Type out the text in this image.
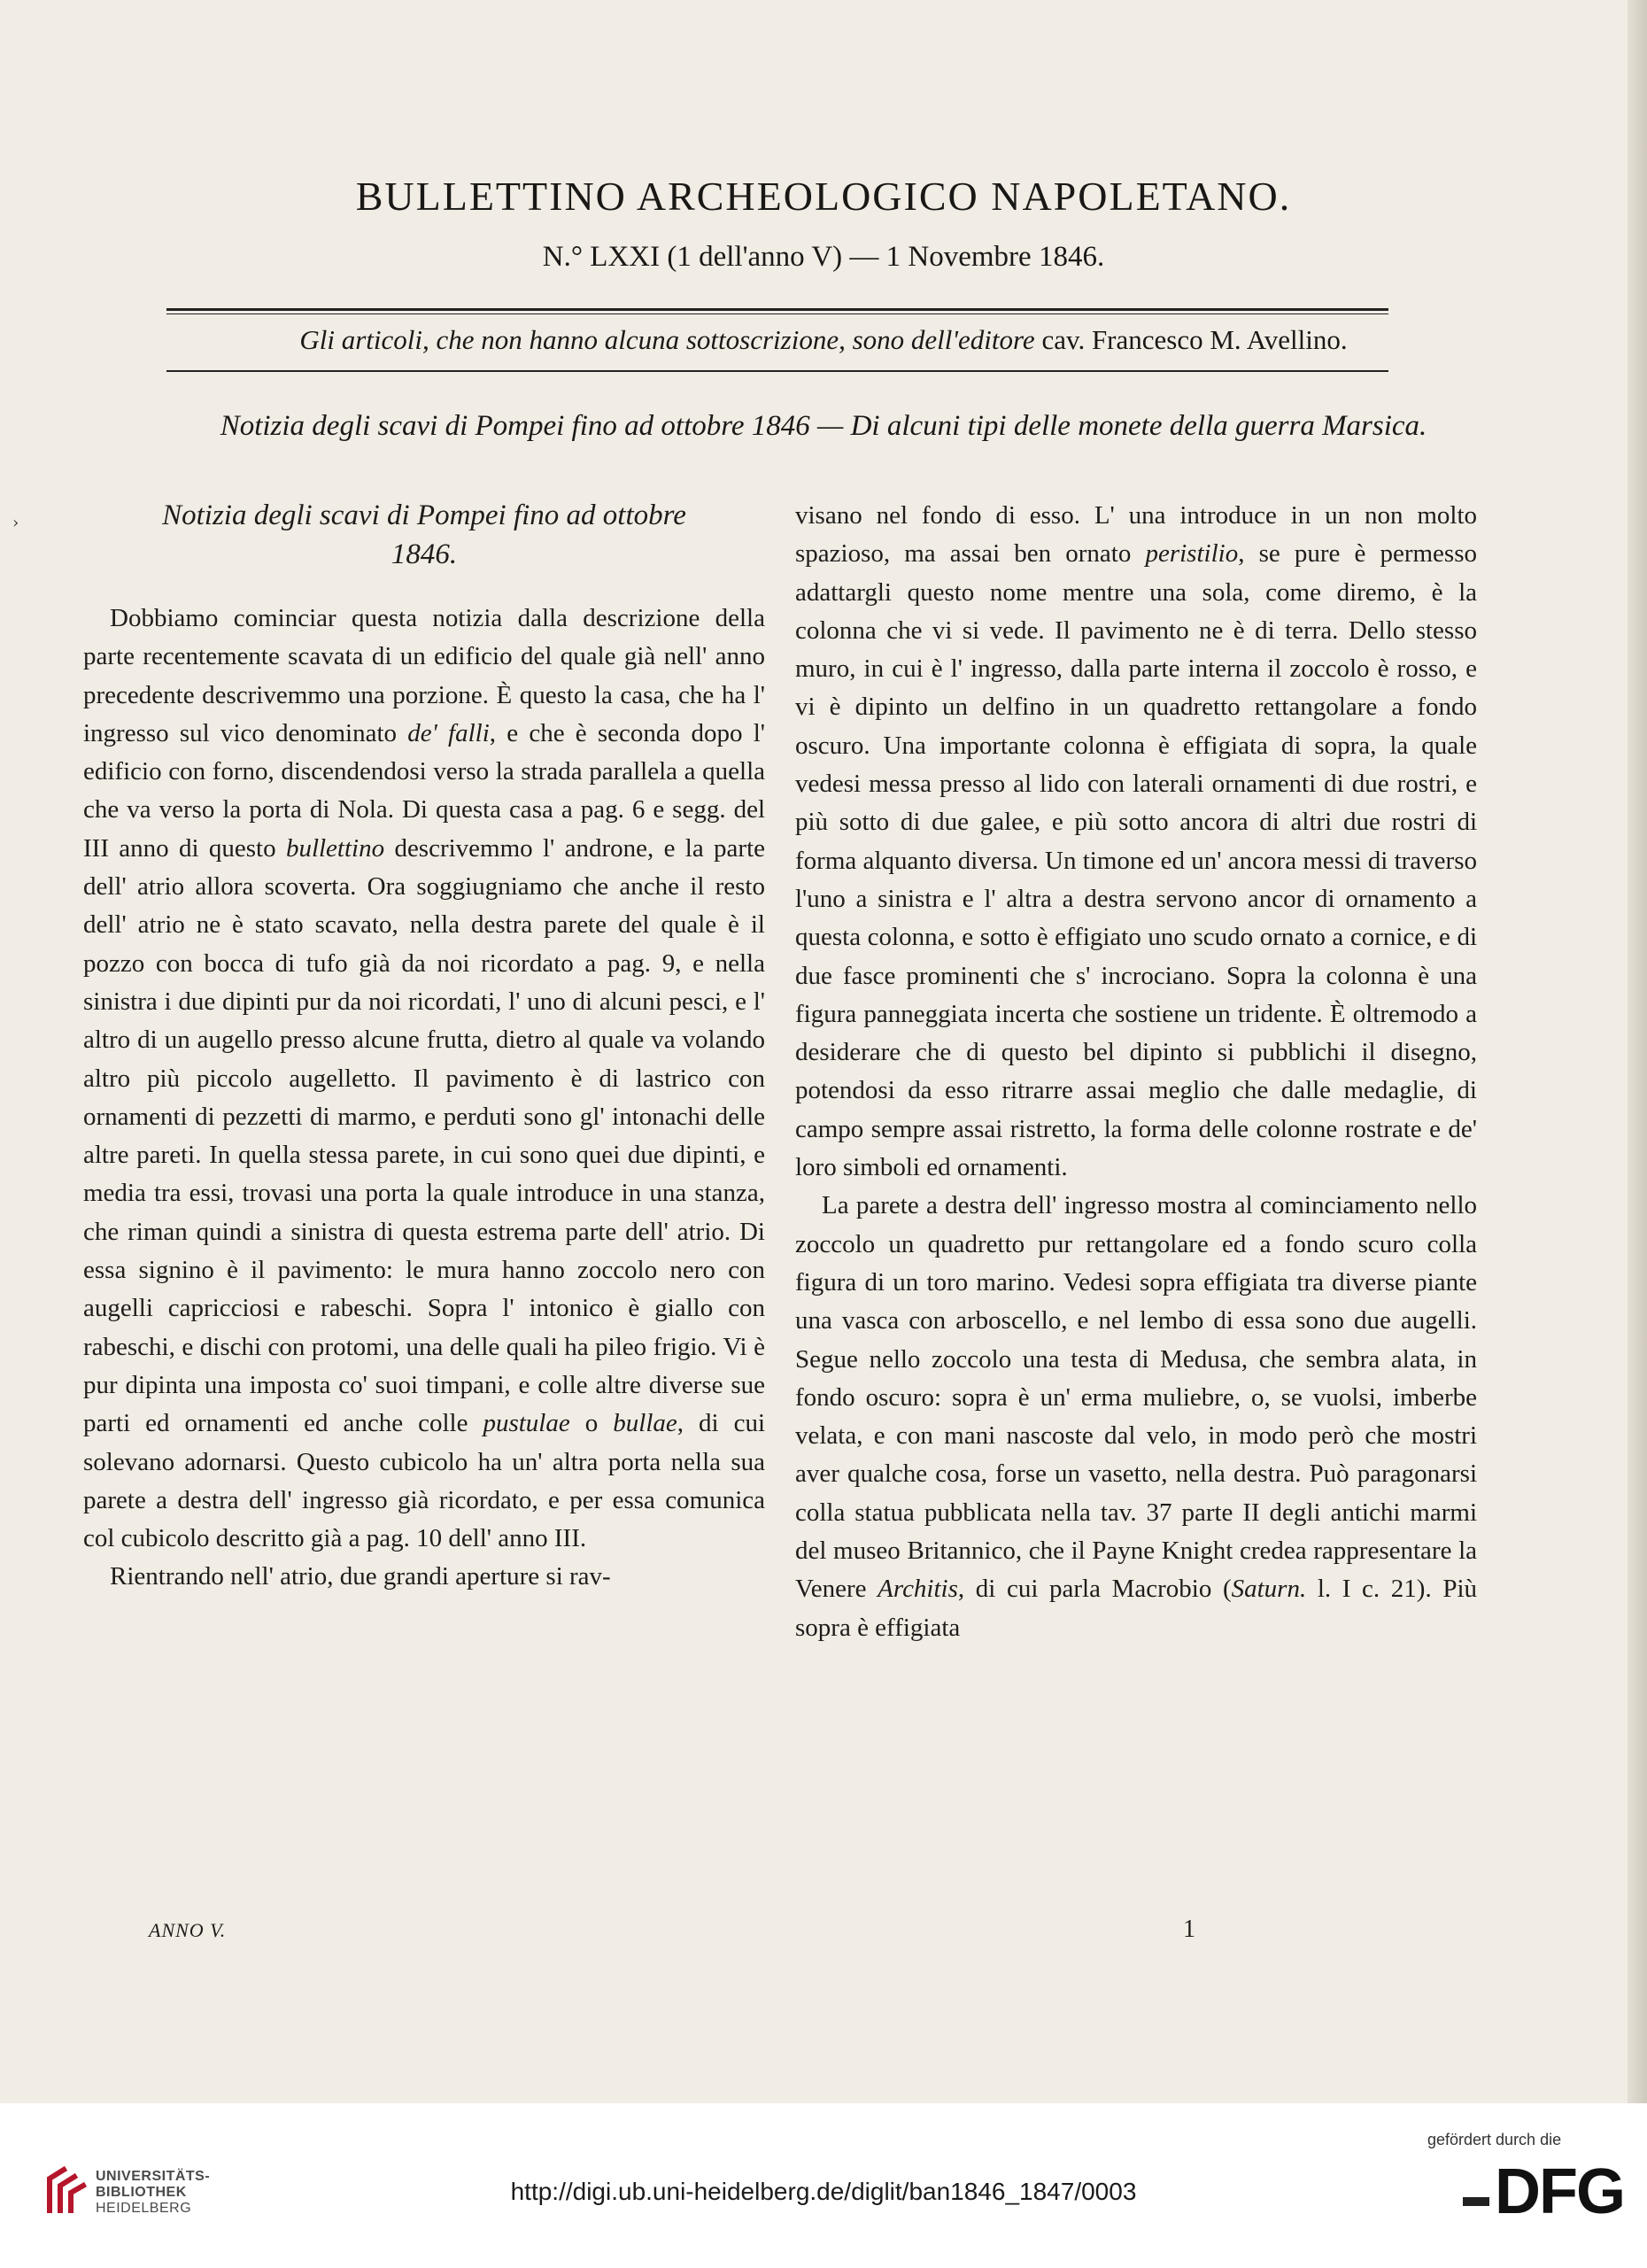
BULLETTINO ARCHEOLOGICO NAPOLETANO.
N.° LXXI (1 dell'anno V) — 1 Novembre 1846.
Gli articoli, che non hanno alcuna sottoscrizione, sono dell'editore cav. Francesco M. Avellino.
Notizia degli scavi di Pompei fino ad ottobre 1846 — Di alcuni tipi delle monete della guerra Marsica.
›	Notizia degli scavi di Pompei fino ad ottobre
1846.

Dobbiamo cominciar questa notizia dalla descrizione della parte recentemente scavata di un edificio del quale già nell' anno precedente descrivemmo una porzione. È questo la casa, che ha l' ingresso sul vico denominato de' falli, e che è seconda dopo l' edificio con forno, discendendosi verso la strada parallela a quella che va verso la porta di Nola. Di questa casa a pag. 6 e segg. del III anno di questo bullettino descrivemmo l' androne, e la parte dell' atrio allora scoverta. Ora soggiugniamo che anche il resto dell' atrio ne è stato scavato, nella destra parete del quale è il pozzo con bocca di tufo già da noi ricordato a pag. 9, e nella sinistra i due dipinti pur da noi ricordati, l' uno di alcuni pesci, e l' altro di un augello presso alcune frutta, dietro al quale va volando altro più piccolo augelletto. Il pavimento è di lastrico con ornamenti di pezzetti di marmo, e perduti sono gl' intonachi delle altre pareti. In quella stessa parete, in cui sono quei due dipinti, e media tra essi, trovasi una porta la quale introduce in una stanza, che riman quindi a sinistra di questa estrema parte dell' atrio. Di essa signino è il pavimento: le mura hanno zoccolo nero con augelli capricciosi e rabeschi. Sopra l' intonico è giallo con rabeschi, e dischi con protomi, una delle quali ha pileo frigio. Vi è pur dipinta una imposta co' suoi timpani, e colle altre diverse sue parti ed ornamenti ed anche colle pustulae o bullae, di cui solevano adornarsi. Questo cubicolo ha un' altra porta nella sua parete a destra dell' ingresso già ricordato, e per essa comunica col cubicolo descritto già a pag. 10 dell' anno III.

Rientrando nell' atrio, due grandi aperture si rav-

visano nel fondo di esso. L' una introduce in un non molto spazioso, ma assai ben ornato peristilio, se pure è permesso adattargli questo nome mentre una sola, come diremo, è la colonna che vi si vede. Il pavimento ne è di terra. Dello stesso muro, in cui è l' ingresso, dalla parte interna il zoccolo è rosso, e vi è dipinto un delfino in un quadretto rettangolare a fondo oscuro. Una importante colonna è effigiata di sopra, la quale vedesi messa presso al lido con laterali ornamenti di due rostri, e più sotto di due galee, e più sotto ancora di altri due rostri di forma alquanto diversa. Un timone ed un' ancora messi di traverso l'uno a sinistra e l' altra a destra servono ancor di ornamento a questa colonna, e sotto è effigiato uno scudo ornato a cornice, e di due fasce prominenti che s' incrociano. Sopra la colonna è una figura panneggiata incerta che sostiene un tridente. È oltremodo a desiderare che di questo bel dipinto si pubblichi il disegno, potendosi da esso ritrarre assai meglio che dalle medaglie, di campo sempre assai ristretto, la forma delle colonne rostrate e de' loro simboli ed ornamenti.

La parete a destra dell' ingresso mostra al cominciamento nello zoccolo un quadretto pur rettangolare ed a fondo scuro colla figura di un toro marino. Vedesi sopra effigiata tra diverse piante una vasca con arboscello, e nel lembo di essa sono due augelli. Segue nello zoccolo una testa di Medusa, che sembra alata, in fondo oscuro: sopra è un' erma muliebre, o, se vuolsi, imberbe velata, e con mani nascoste dal velo, in modo però che mostri aver qualche cosa, forse un vasetto, nella destra. Può paragonarsi colla statua pubblicata nella tav. 37 parte II degli antichi marmi del museo Britannico, che il Payne Knight credea rappresentare la Venere Architis, di cui parla Macrobio (Saturn. l. I c. 21). Più sopra è effigiata

ANNO V.	1
UNIVERSITÄTS-
BIBLIOTHEK
HEIDELBERG
http://digi.ub.uni-heidelberg.de/diglit/ban1846_1847/0003
gefördert durch die
DFG
